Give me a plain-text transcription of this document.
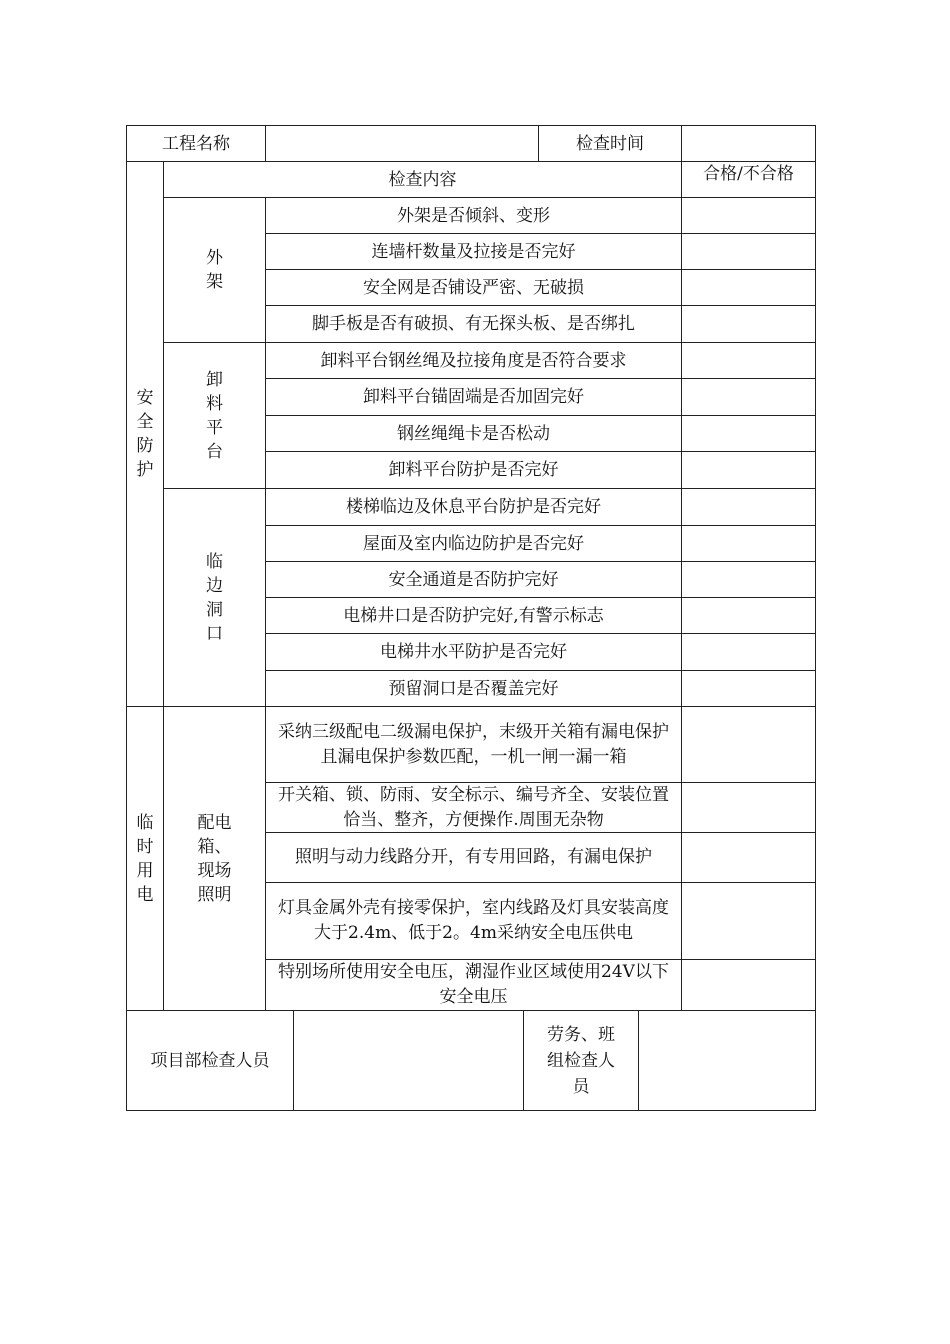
工程名称	检查时间
安全防护
检查内容	合格/不合格
外架
外架是否倾斜、变形
连墙杆数量及拉接是否完好
安全网是否铺设严密、无破损
脚手板是否有破损、有无探头板、是否绑扎
卸料平台
卸料平台钢丝绳及拉接角度是否符合要求
卸料平台锚固端是否加固完好
钢丝绳绳卡是否松动
卸料平台防护是否完好
临边洞口
楼梯临边及休息平台防护是否完好
屋面及室内临边防护是否完好
安全通道是否防护完好
电梯井口是否防护完好,有警示标志
电梯井水平防护是否完好
预留洞口是否覆盖完好
临时用电
配电箱、现场照明
采纳三级配电二级漏电保护，末级开关箱有漏电保护且漏电保护参数匹配，一机一闸一漏一箱
开关箱、锁、防雨、安全标示、编号齐全、安装位置恰当、整齐，方便操作.周围无杂物
照明与动力线路分开，有专用回路，有漏电保护
灯具金属外壳有接零保护，室内线路及灯具安装高度大于2.4m、低于2。4m采纳安全电压供电
特别场所使用安全电压，潮湿作业区域使用24V以下安全电压
项目部检查人员
劳务、班组检查人员
